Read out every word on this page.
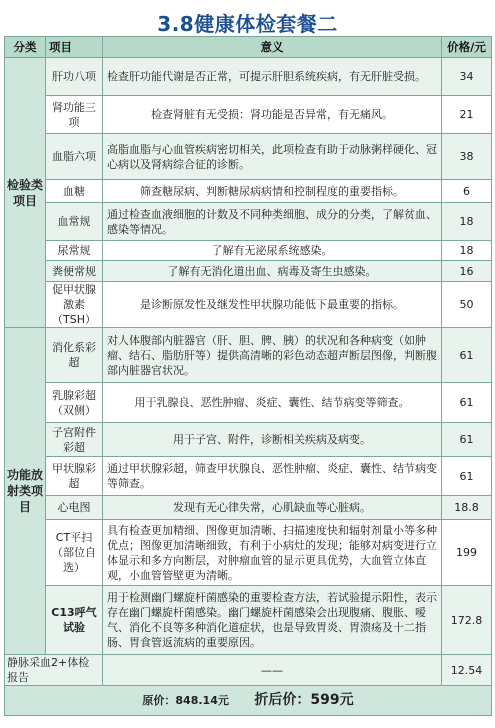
3.8健康体检套餐二
分类	项目	意义	价格/元
检验类项目	肝功八项	检查肝功能代谢是否正常，可提示肝胆系统疾病，有无肝脏受损。	34
	肾功能三项	检查肾脏有无受损：肾功能是否异常，有无痛风。	21
	血脂六项	高脂血脂与心血管疾病密切相关，此项检查有助于动脉粥样硬化、冠心病以及肾病综合征的诊断。	38
	血糖	筛查糖尿病、判断糖尿病病情和控制程度的重要指标。	6
	血常规	通过检查血液细胞的计数及不同种类细胞、成分的分类，了解贫血、感染等情况。	18
	尿常规	了解有无泌尿系统感染。	18
	粪便常规	了解有无消化道出血、病毒及寄生虫感染。	16
	促甲状腺激素（TSH）	是诊断原发性及继发性甲状腺功能低下最重要的指标。	50
功能放射类项目	消化系彩超	对人体腹部内脏器官（肝、胆、脾、胰）的状况和各种病变（如肿瘤、结石、脂肪肝等）提供高清晰的彩色动态超声断层图像，判断腹部内脏器官状况。	61
	乳腺彩超（双侧）	用于乳腺良、恶性肿瘤、炎症、囊性、结节病变等筛查。	61
	子宫附件彩超	用于子宫、附件，诊断相关疾病及病变。	61
	甲状腺彩超	通过甲状腺彩超，筛查甲状腺良、恶性肿瘤、炎症、囊性、结节病变等筛查。	61
	心电图	发现有无心律失常，心肌缺血等心脏病。	18.8
	CT平扫（部位自选）	具有检查更加精细、图像更加清晰、扫描速度快和辐射剂量小等多种优点；图像更加清晰细致，有利于小病灶的发现；能够对病变进行立体显示和多方向断层，对肿瘤血管的显示更具优势，大血管立体直观，小血管管壁更为清晰。	199
	C13呼气试验	用于检测幽门螺旋杆菌感染的重要检查方法，若试验提示阳性，表示存在幽门螺旋杆菌感染。幽门螺旋杆菌感染会出现腹痛、腹胀、嗳气、消化不良等多种消化道症状，也是导致胃炎、胃溃疡及十二指肠、胃食管返流病的重要原因。	172.8
静脉采血2+体检报告		——	12.54
原价：848.14元 折后价：599元			
